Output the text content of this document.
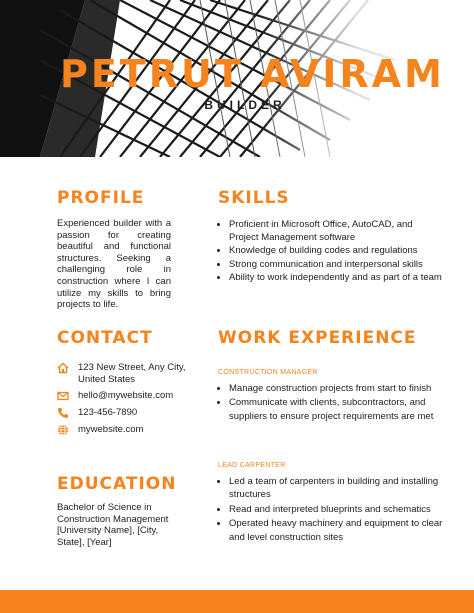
PETRUT AVIRAM
BUILDER
PROFILE
Experienced builder with a passion for creating beautiful and functional structures. Seeking a challenging role in construction where I can utilize my skills to bring projects to life.
SKILLS
• Proficient in Microsoft Office, AutoCAD, and Project Management software
• Knowledge of building codes and regulations
• Strong communication and interpersonal skills
• Ability to work independently and as part of a team
CONTACT
123 New Street, Any City, United States
hello@mywebsite.com
123-456-7890
mywebsite.com
EDUCATION
Bachelor of Science in Construction Management [University Name], [City, State], [Year]
WORK EXPERIENCE
CONSTRUCTION MANAGER
• Manage construction projects from start to finish
• Communicate with clients, subcontractors, and suppliers to ensure project requirements are met
LEAD CARPENTER
• Led a team of carpenters in building and installing structures
• Read and interpreted blueprints and schematics
• Operated heavy machinery and equipment to clear and level construction sites
